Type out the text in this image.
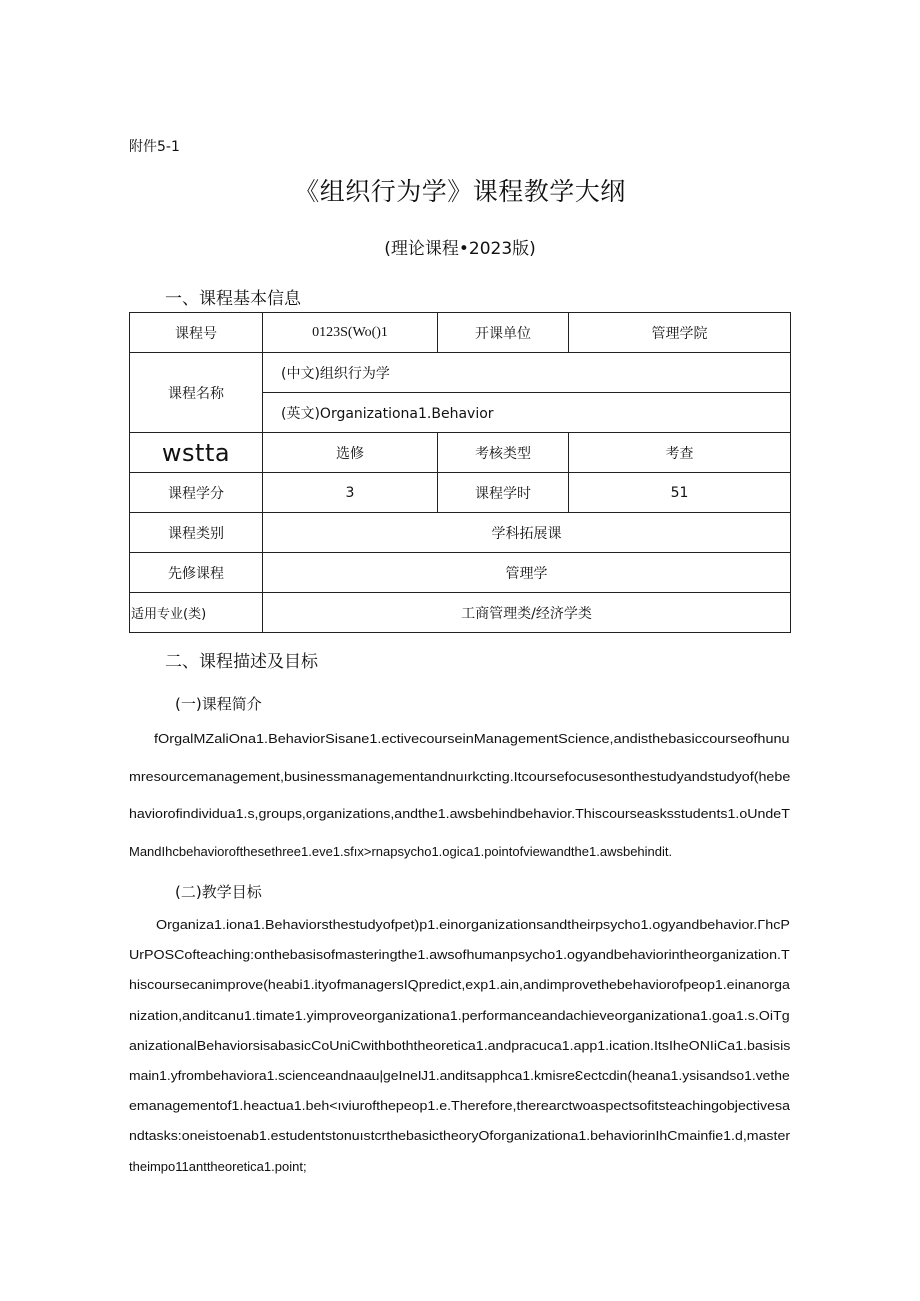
附件5-1
《组织行为学》课程教学大纲
(理论课程•2023版)
一、课程基本信息
课程号	0123S(Wo()1	开课单位	管理学院
课程名称	(中文)组织行为学		
	(英文)Organizationa1.Behavior		
wstta	选修	考核类型	考查
课程学分	3	课程学时	51
课程类别	学科拓展课		
先修课程	管理学		
适用专业(类)	工商管理类/经济学类		
二、课程描述及目标
(一)课程简介
fOrgalMZaliOna1.BehaviorSisane1.ectivecourseinManagementScience,andisthebasiccourseofhunu
mresourcemanagement,businessmanagementandnuırkcting.Itcoursefocusesonthestudyandstudyof(hebe
haviorofindividua1.s,groups,organizations,andthe1.awsbehindbehavior.Thiscourseasksstudents1.oUndeT
MandIhcbehaviorofthesethree1.eve1.sfıx>rnapsycho1.ogica1.pointofviewandthe1.awsbehindit.
(二)教学目标
Organiza1.iona1.Behaviorsthestudyofpet)p1.einorganizationsandtheirpsycho1.ogyandbehavior.ΓhcP
UrPOSCofteaching:onthebasisofmasteringthe1.awsofhumanpsycho1.ogyandbehaviorintheorganization.T
hiscoursecanimprove(heabi1.ityofmanagersIQpredict,exp1.ain,andimprovethebehaviorofpeop1.einanorga
nization,anditcanu1.timate1.yimproveorganizationa1.performanceandachieveorganizationa1.goa1.s.OiTg
anizationalBehaviorsisabasicCoUniCwithboththeoretica1.andpracuca1.app1.ication.ItsIheONIiCa1.basisis
main1.yfrombehaviora1.scienceandnaau|geIneĲ1.anditsapphca1.kmisreƐectcdin(heana1.ysisandso1.vethe
emanagementof1.heactua1.beh<ıviurofthepeop1.e.Therefore,therearctwoaspectsofitsteachingobjectivesa
ndtasks:oneistoenab1.estudentstonuıstcrthebasictheoryOforganizationa1.behaviorinIhCmainfie1.d,master
theimpo11anttheoretica1.point;
